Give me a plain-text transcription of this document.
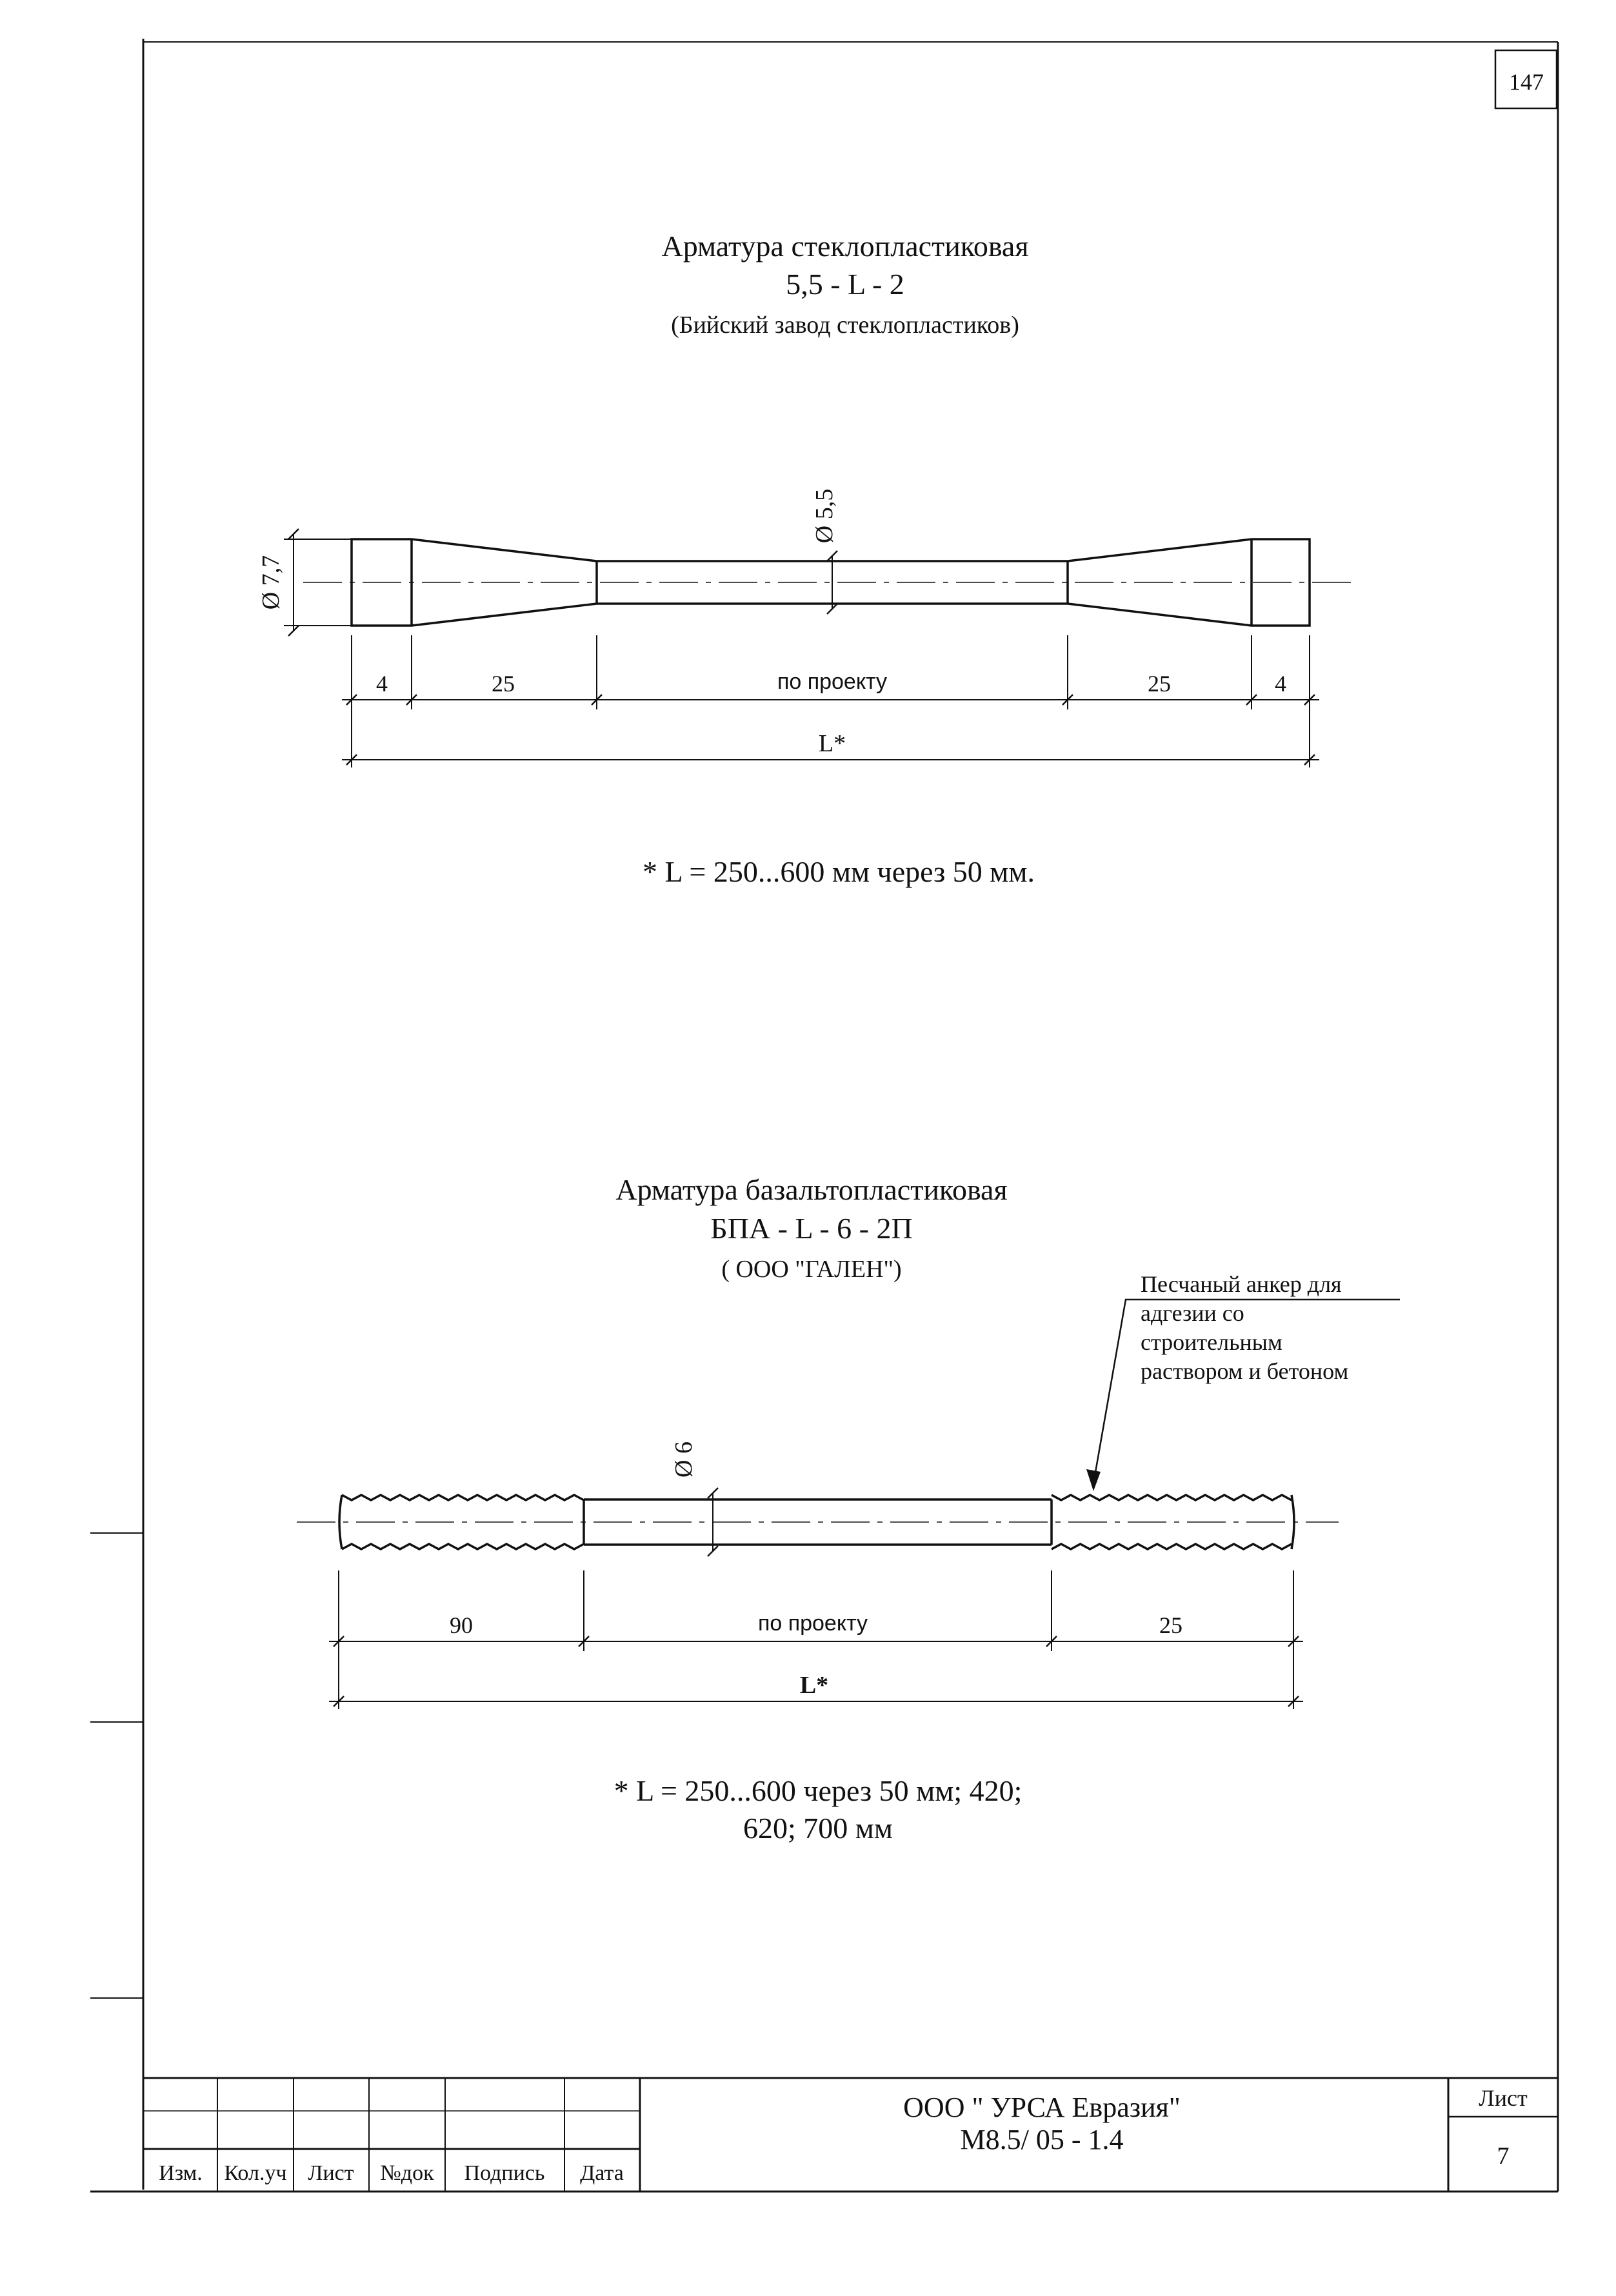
147
Арматура стеклопластиковая
5,5 - L - 2
(Бийский завод стеклопластиков)
Ø 7,7
Ø 5,5
4	25	по проекту	25	4
L*
* L = 250...600 мм через 50 мм.
Арматура базальтопластиковая
БПА - L - 6 - 2П
( ООО "ГАЛЕН")
Песчаный анкер для
адгезии со
строительным
раствором и бетоном
Ø 6
90	по проекту	25
L*
* L = 250...600 через 50 мм; 420;
620; 700 мм
Изм. Кол.уч Лист №док Подпись Дата
ООО " УРСА Евразия"
М8.5/ 05 - 1.4
Лист
7
